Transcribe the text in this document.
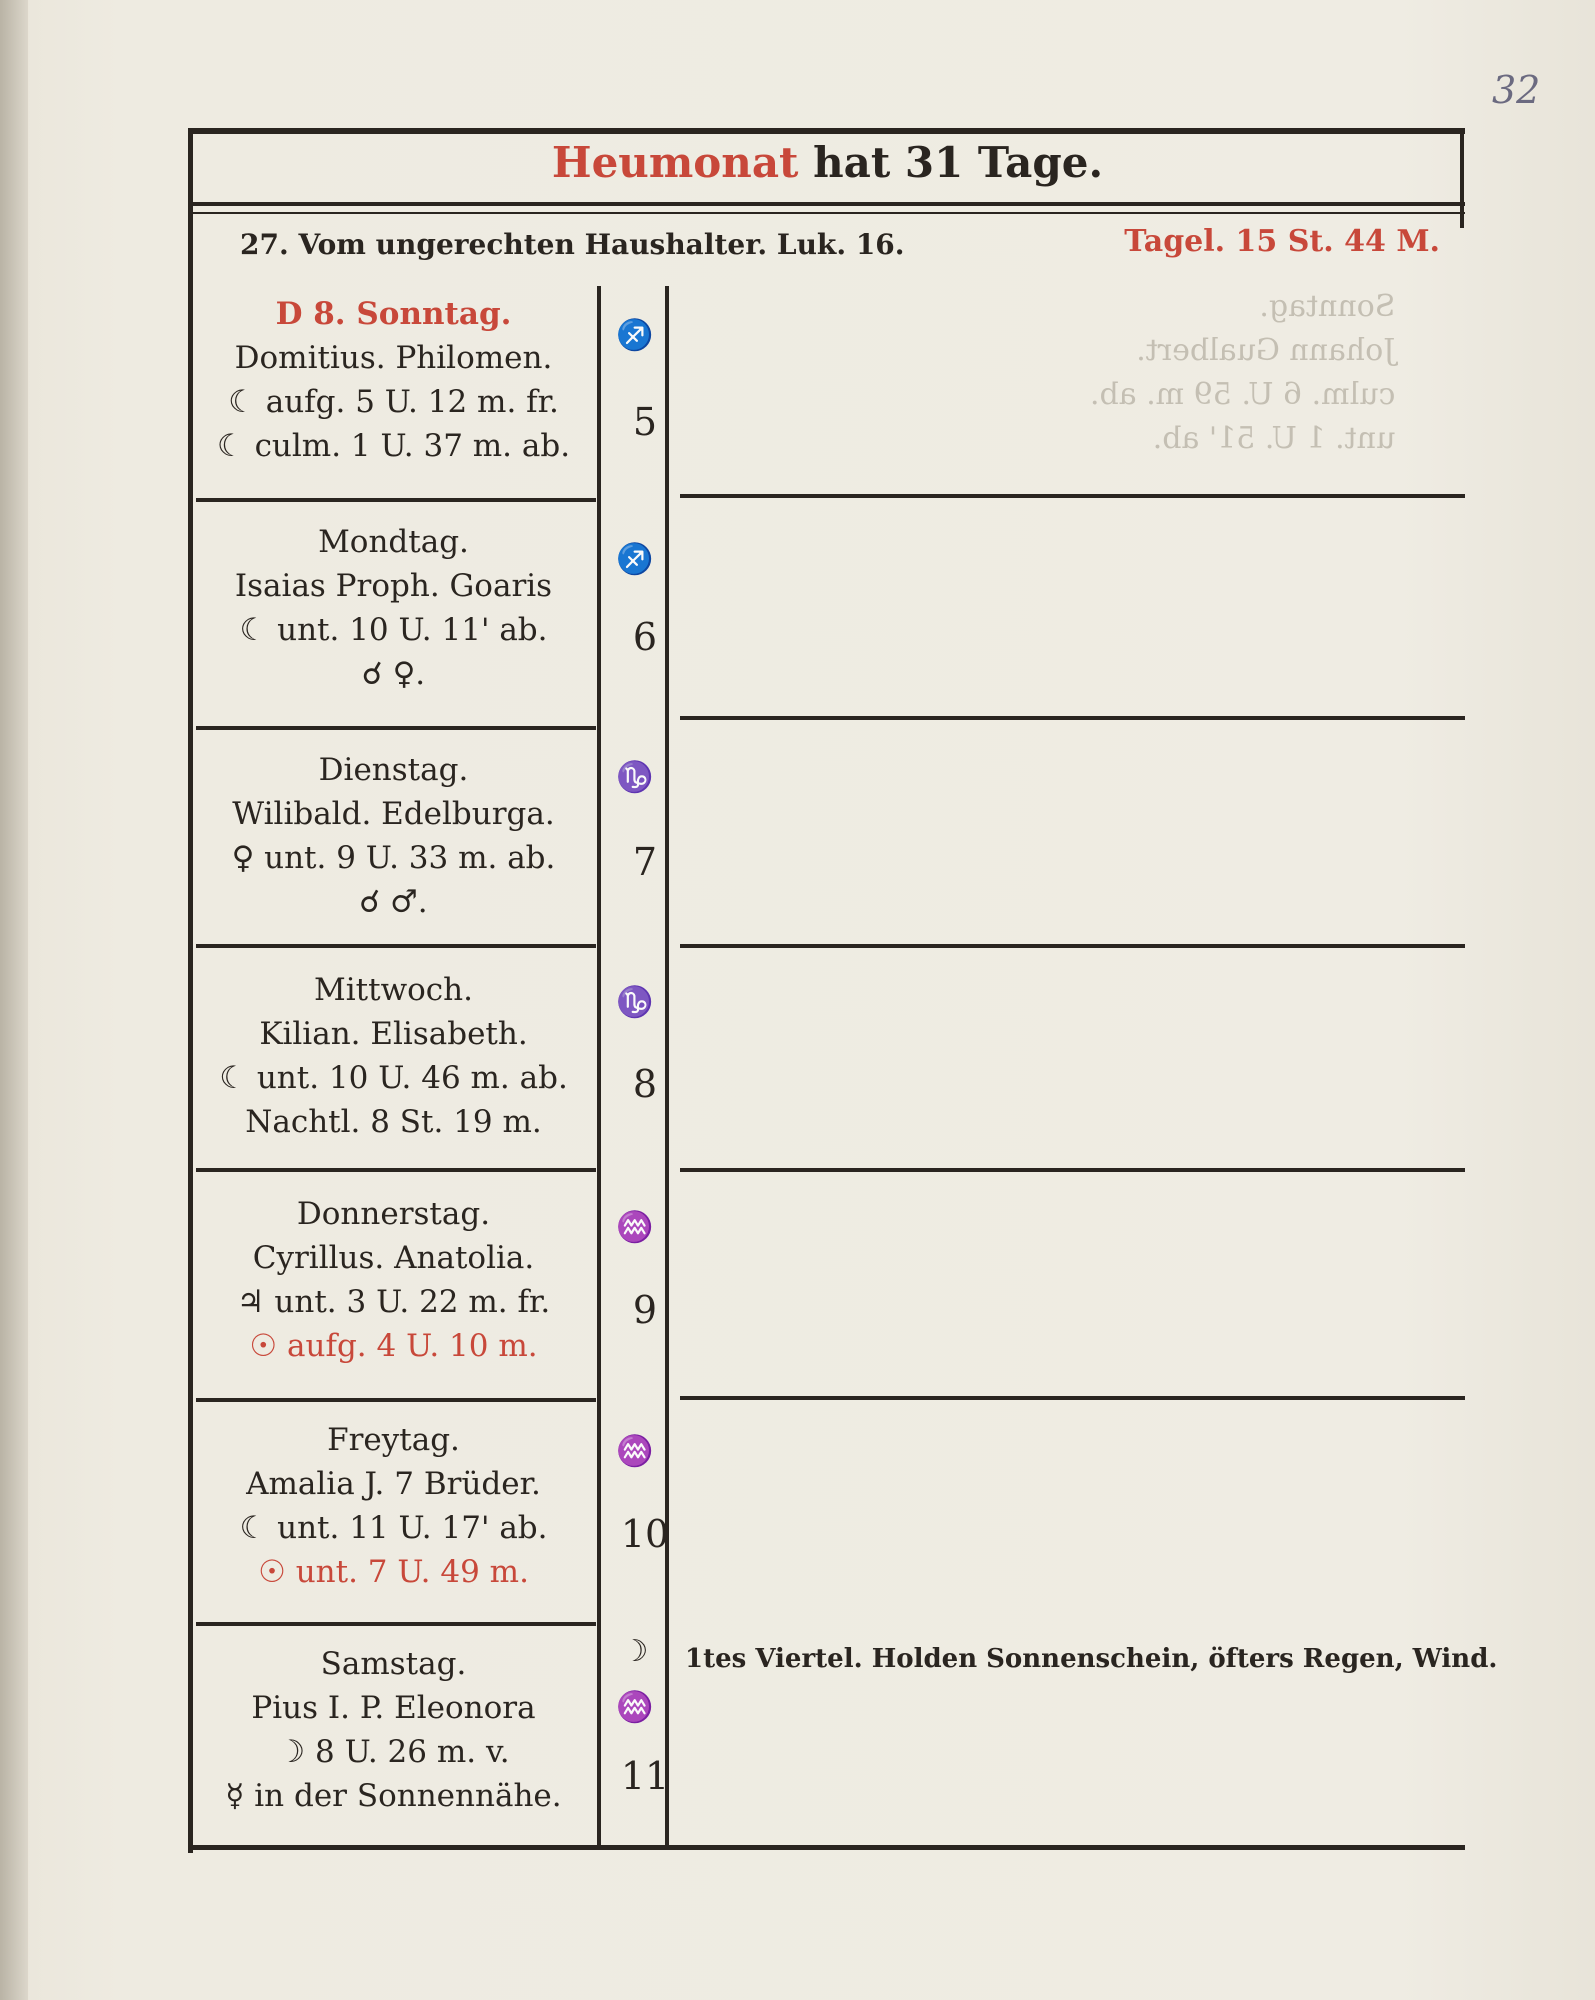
32
Sonntag.
Johann Gualbert.
culm. 6 U. 59 m. ab.
unt. 1 U. 51' ab.
Heumonat hat 31 Tage.
27. Vom ungerechten Haushalter. Luk. 16.	Tagel. 15 St. 44 M.
D 8. Sonntag.
Domitius. Philomen.
☾ aufg. 5 U. 12 m. fr.
☾ culm. 1 U. 37 m. ab.
♐
5
Mondtag.
Isaias Proph. Goaris
☾ unt. 10 U. 11' ab.
☌ ♀.
♐
6
Dienstag.
Wilibald. Edelburga.
♀ unt. 9 U. 33 m. ab.
☌ ♂.
♑
7
Mittwoch.
Kilian. Elisabeth.
☾ unt. 10 U. 46 m. ab.
Nachtl. 8 St. 19 m.
♑
8
Donnerstag.
Cyrillus. Anatolia.
♃ unt. 3 U. 22 m. fr.
☉ aufg. 4 U. 10 m.
♒
9
Freytag.
Amalia J. 7 Brüder.
☾ unt. 11 U. 17' ab.
☉ unt. 7 U. 49 m.
♒
10
Samstag.
Pius I. P. Eleonora
☽ 8 U. 26 m. v.
☿ in der Sonnennähe.
☽
♒
11
1tes Viertel. Holden Sonnenschein, öfters Regen, Wind.
